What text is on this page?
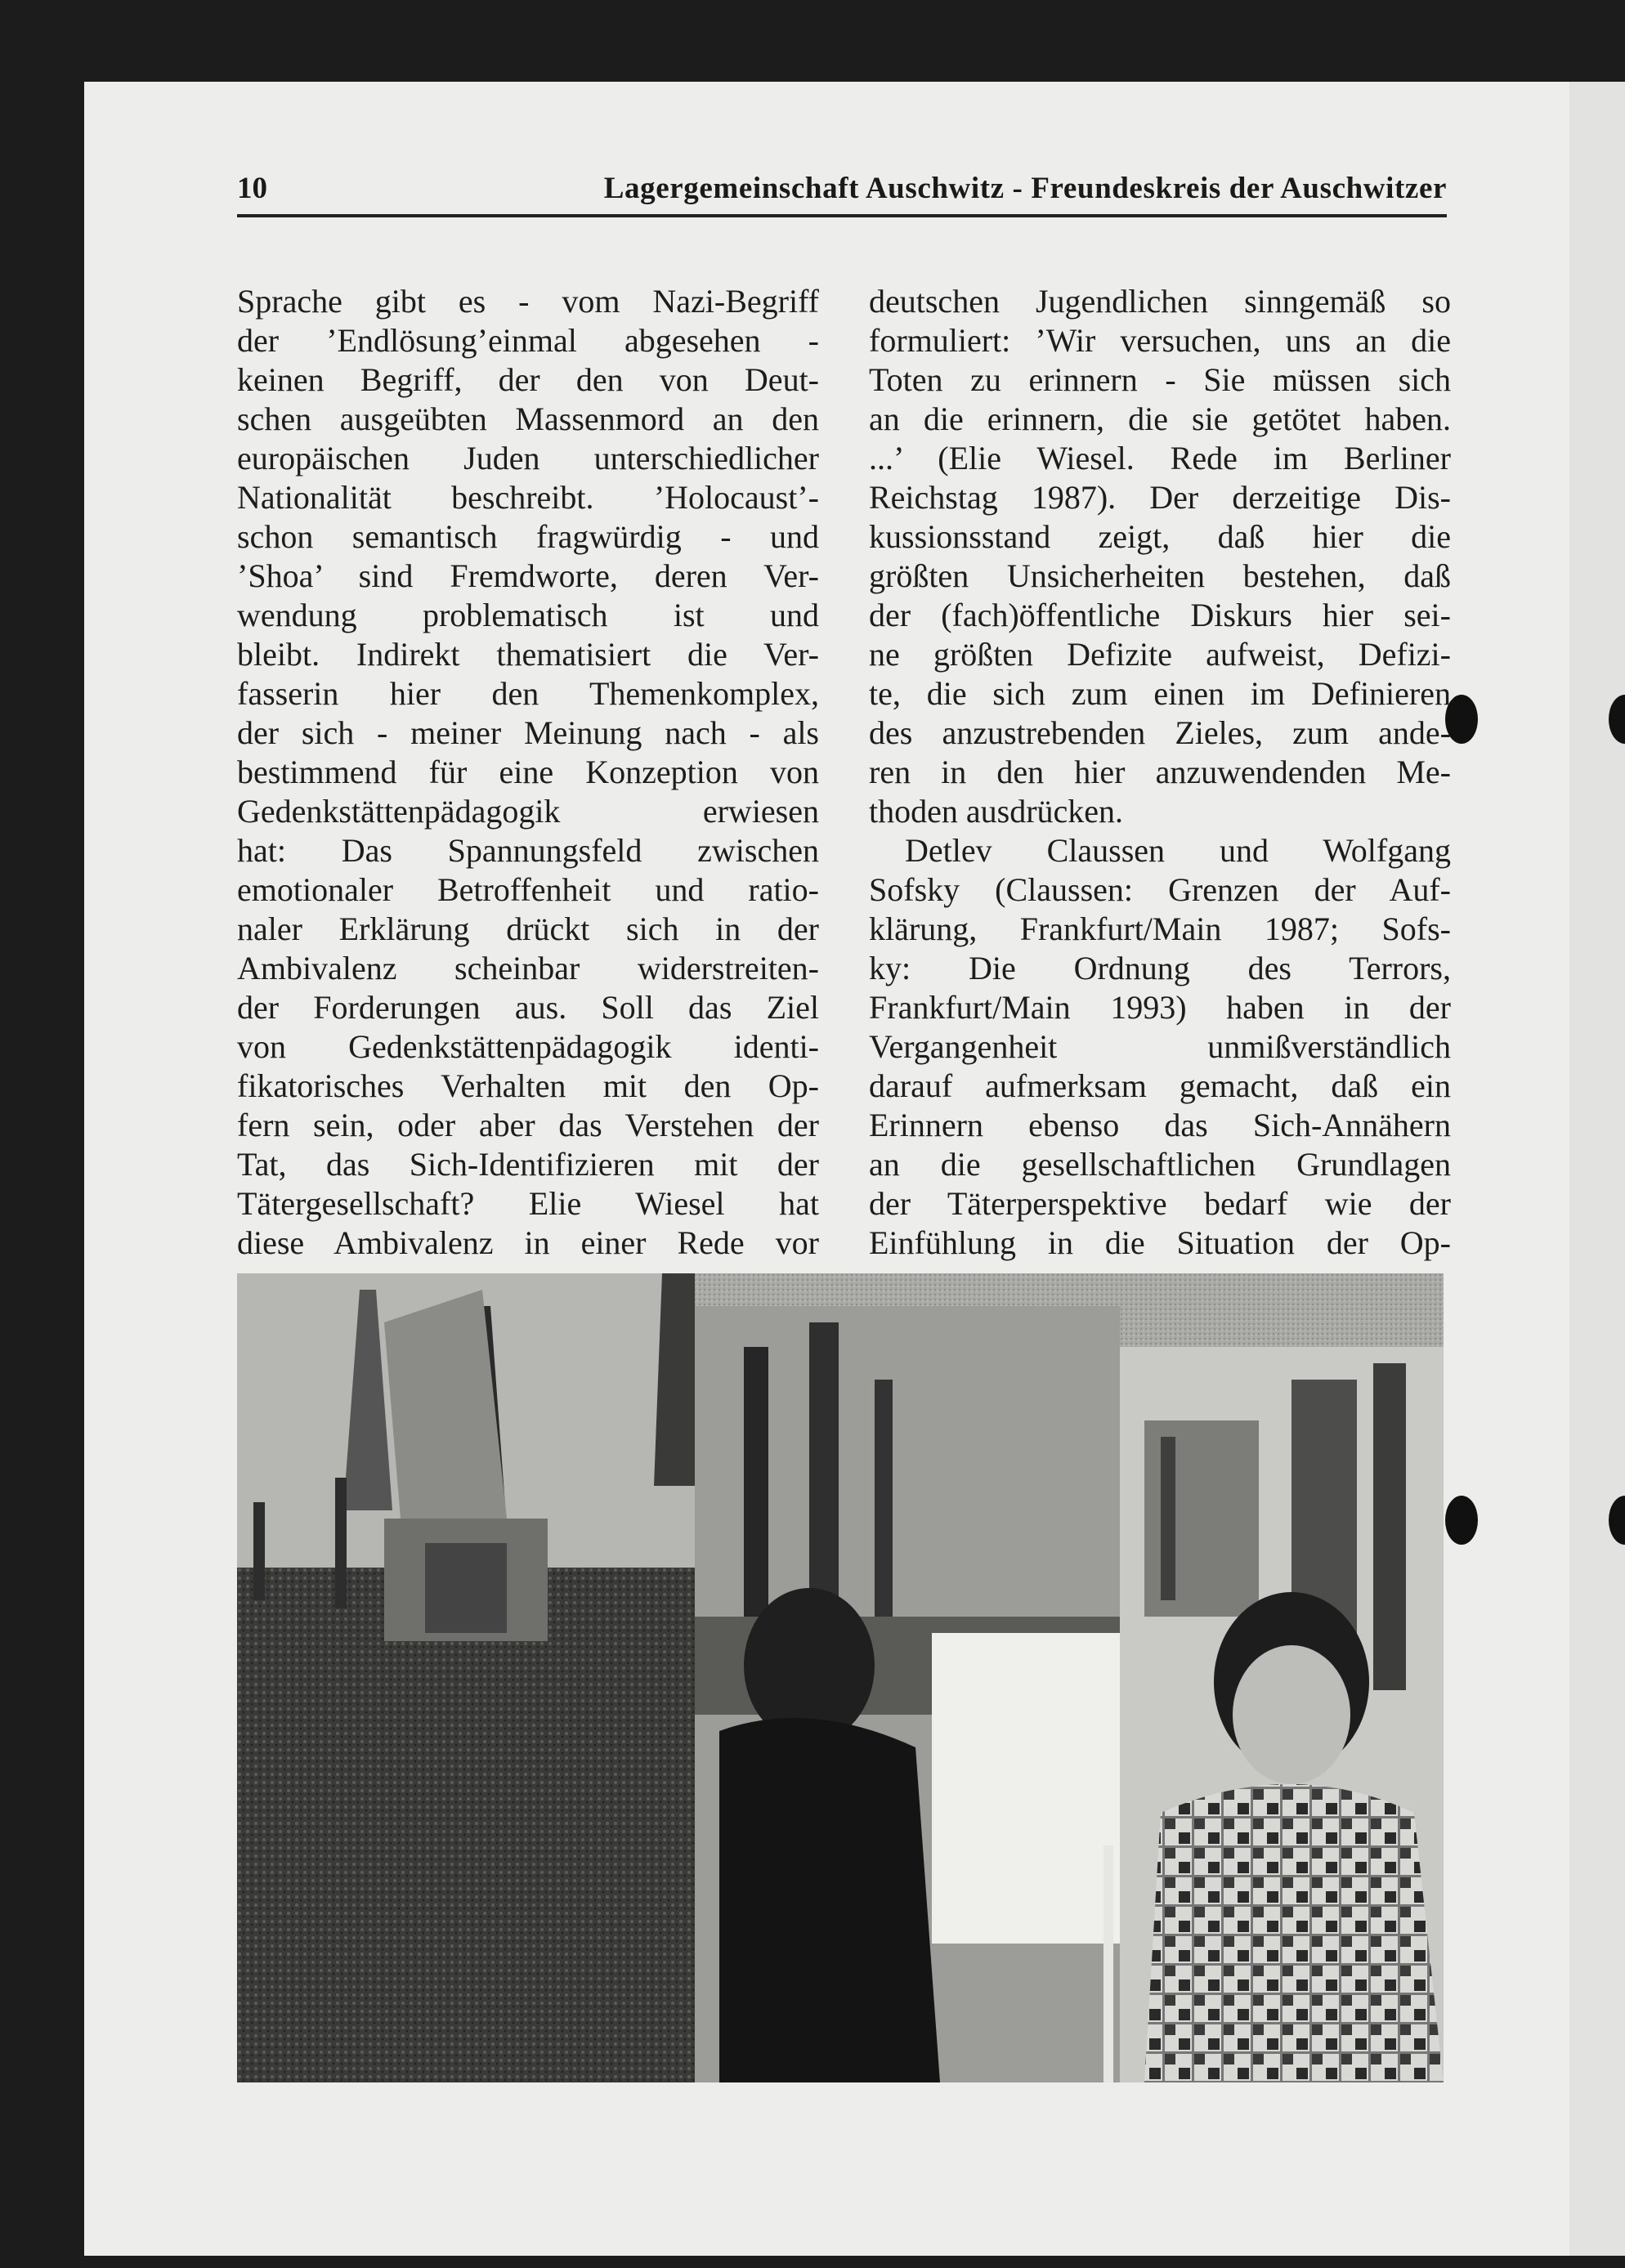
10	Lagergemeinschaft Auschwitz - Freundeskreis der Auschwitzer
Sprache gibt es - vom Nazi-Begriff
der ’Endlösung’einmal abgesehen -
keinen Begriff, der den von Deut-
schen ausgeübten Massenmord an den
europäischen Juden unterschiedlicher
Nationalität beschreibt. ’Holocaust’-
schon semantisch fragwürdig - und
’Shoa’ sind Fremdworte, deren Ver-
wendung problematisch ist und
bleibt. Indirekt thematisiert die Ver-
fasserin hier den Themenkomplex,
der sich - meiner Meinung nach - als
bestimmend für eine Konzeption von
Gedenkstättenpädagogik erwiesen
hat: Das Spannungsfeld zwischen
emotionaler Betroffenheit und ratio-
naler Erklärung drückt sich in der
Ambivalenz scheinbar widerstreiten-
der Forderungen aus. Soll das Ziel
von Gedenkstättenpädagogik identi-
fikatorisches Verhalten mit den Op-
fern sein, oder aber das Verstehen der
Tat, das Sich-Identifizieren mit der
Tätergesellschaft? Elie Wiesel hat
diese Ambivalenz in einer Rede vor
deutschen Jugendlichen sinngemäß so
formuliert: ’Wir versuchen, uns an die
Toten zu erinnern - Sie müssen sich
an die erinnern, die sie getötet haben.
...’ (Elie Wiesel. Rede im Berliner
Reichstag 1987). Der derzeitige Dis-
kussionsstand zeigt, daß hier die
größten Unsicherheiten bestehen, daß
der (fach)öffentliche Diskurs hier sei-
ne größten Defizite aufweist, Defizi-
te, die sich zum einen im Definieren
des anzustrebenden Zieles, zum ande-
ren in den hier anzuwendenden Me-
thoden ausdrücken.
Detlev Claussen und Wolfgang
Sofsky (Claussen: Grenzen der Auf-
klärung, Frankfurt/Main 1987; Sofs-
ky: Die Ordnung des Terrors,
Frankfurt/Main 1993) haben in der
Vergangenheit unmißverständlich
darauf aufmerksam gemacht, daß ein
Erinnern ebenso das Sich-Annähern
an die gesellschaftlichen Grundlagen
der Täterperspektive bedarf wie der
Einfühlung in die Situation der Op-
